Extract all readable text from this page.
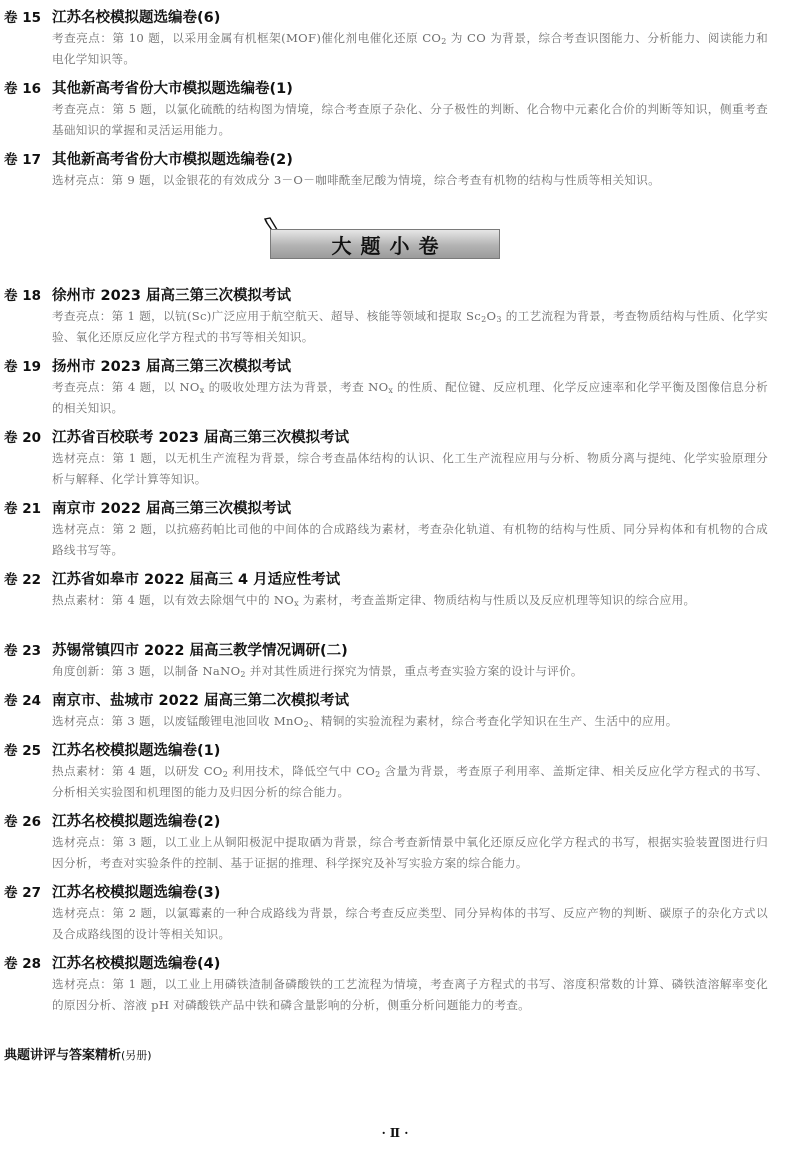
卷 15 江苏名校模拟题选编卷(6)
考查亮点：第 10 题，以采用金属有机框架(MOF)催化剂电催化还原 $CO_2$ 为 CO 为背景，综合考查识图能力、分析能力、阅读能力和电化学知识等。
卷 16 其他新高考省份大市模拟题选编卷(1)
考查亮点：第 5 题，以氯化硫酰的结构图为情境，综合考查原子杂化、分子极性的判断、化合物中元素化合价的判断等知识，侧重考查基础知识的掌握和灵活运用能力。
卷 17 其他新高考省份大市模拟题选编卷(2)
选材亮点：第 9 题，以金银花的有效成分 3－O－咖啡酰奎尼酸为情境，综合考查有机物的结构与性质等相关知识。
大题小卷
卷 18 徐州市 2023 届高三第三次模拟考试
考查亮点：第 1 题，以钪(Sc)广泛应用于航空航天、超导、核能等领域和提取 $Sc_2O_3$ 的工艺流程为背景，考查物质结构与性质、化学实验、氧化还原反应化学方程式的书写等相关知识。
卷 19 扬州市 2023 届高三第三次模拟考试
考查亮点：第 4 题，以 $NO_x$ 的吸收处理方法为背景，考查 $NO_x$ 的性质、配位键、反应机理、化学反应速率和化学平衡及图像信息分析的相关知识。
卷 20 江苏省百校联考 2023 届高三第三次模拟考试
选材亮点：第 1 题，以无机生产流程为背景，综合考查晶体结构的认识、化工生产流程应用与分析、物质分离与提纯、化学实验原理分析与解释、化学计算等知识。
卷 21 南京市 2022 届高三第三次模拟考试
选材亮点：第 2 题，以抗癌药帕比司他的中间体的合成路线为素材，考查杂化轨道、有机物的结构与性质、同分异构体和有机物的合成路线书写等。
卷 22 江苏省如皋市 2022 届高三 4 月适应性考试
热点素材：第 4 题，以有效去除烟气中的 $NO_x$ 为素材，考查盖斯定律、物质结构与性质以及反应机理等知识的综合应用。
卷 23 苏锡常镇四市 2022 届高三教学情况调研(二)
角度创新：第 3 题，以制备 NaNO$_2$ 并对其性质进行探究为情景，重点考查实验方案的设计与评价。
卷 24 南京市、盐城市 2022 届高三第二次模拟考试
选材亮点：第 3 题，以废锰酸锂电池回收 MnO$_2$、精铜的实验流程为素材，综合考查化学知识在生产、生活中的应用。
卷 25 江苏名校模拟题选编卷(1)
热点素材：第 4 题，以研发 $CO_2$ 利用技术，降低空气中 $CO_2$ 含量为背景，考查原子利用率、盖斯定律、相关反应化学方程式的书写、分析相关实验图和机理图的能力及归因分析的综合能力。
卷 26 江苏名校模拟题选编卷(2)
选材亮点：第 3 题，以工业上从铜阳极泥中提取硒为背景，综合考查新情景中氧化还原反应化学方程式的书写，根据实验装置图进行归因分析，考查对实验条件的控制、基于证据的推理、科学探究及补写实验方案的综合能力。
卷 27 江苏名校模拟题选编卷(3)
选材亮点：第 2 题，以氯霉素的一种合成路线为背景，综合考查反应类型、同分异构体的书写、反应产物的判断、碳原子的杂化方式以及合成路线图的设计等相关知识。
卷 28 江苏名校模拟题选编卷(4)
选材亮点：第 1 题，以工业上用磷铁渣制备磷酸铁的工艺流程为情境，考查离子方程式的书写、溶度积常数的计算、磷铁渣溶解率变化的原因分析、溶液 pH 对磷酸铁产品中铁和磷含量影响的分析，侧重分析问题能力的考查。
典题讲评与答案精析(另册)
· Ⅱ ·
